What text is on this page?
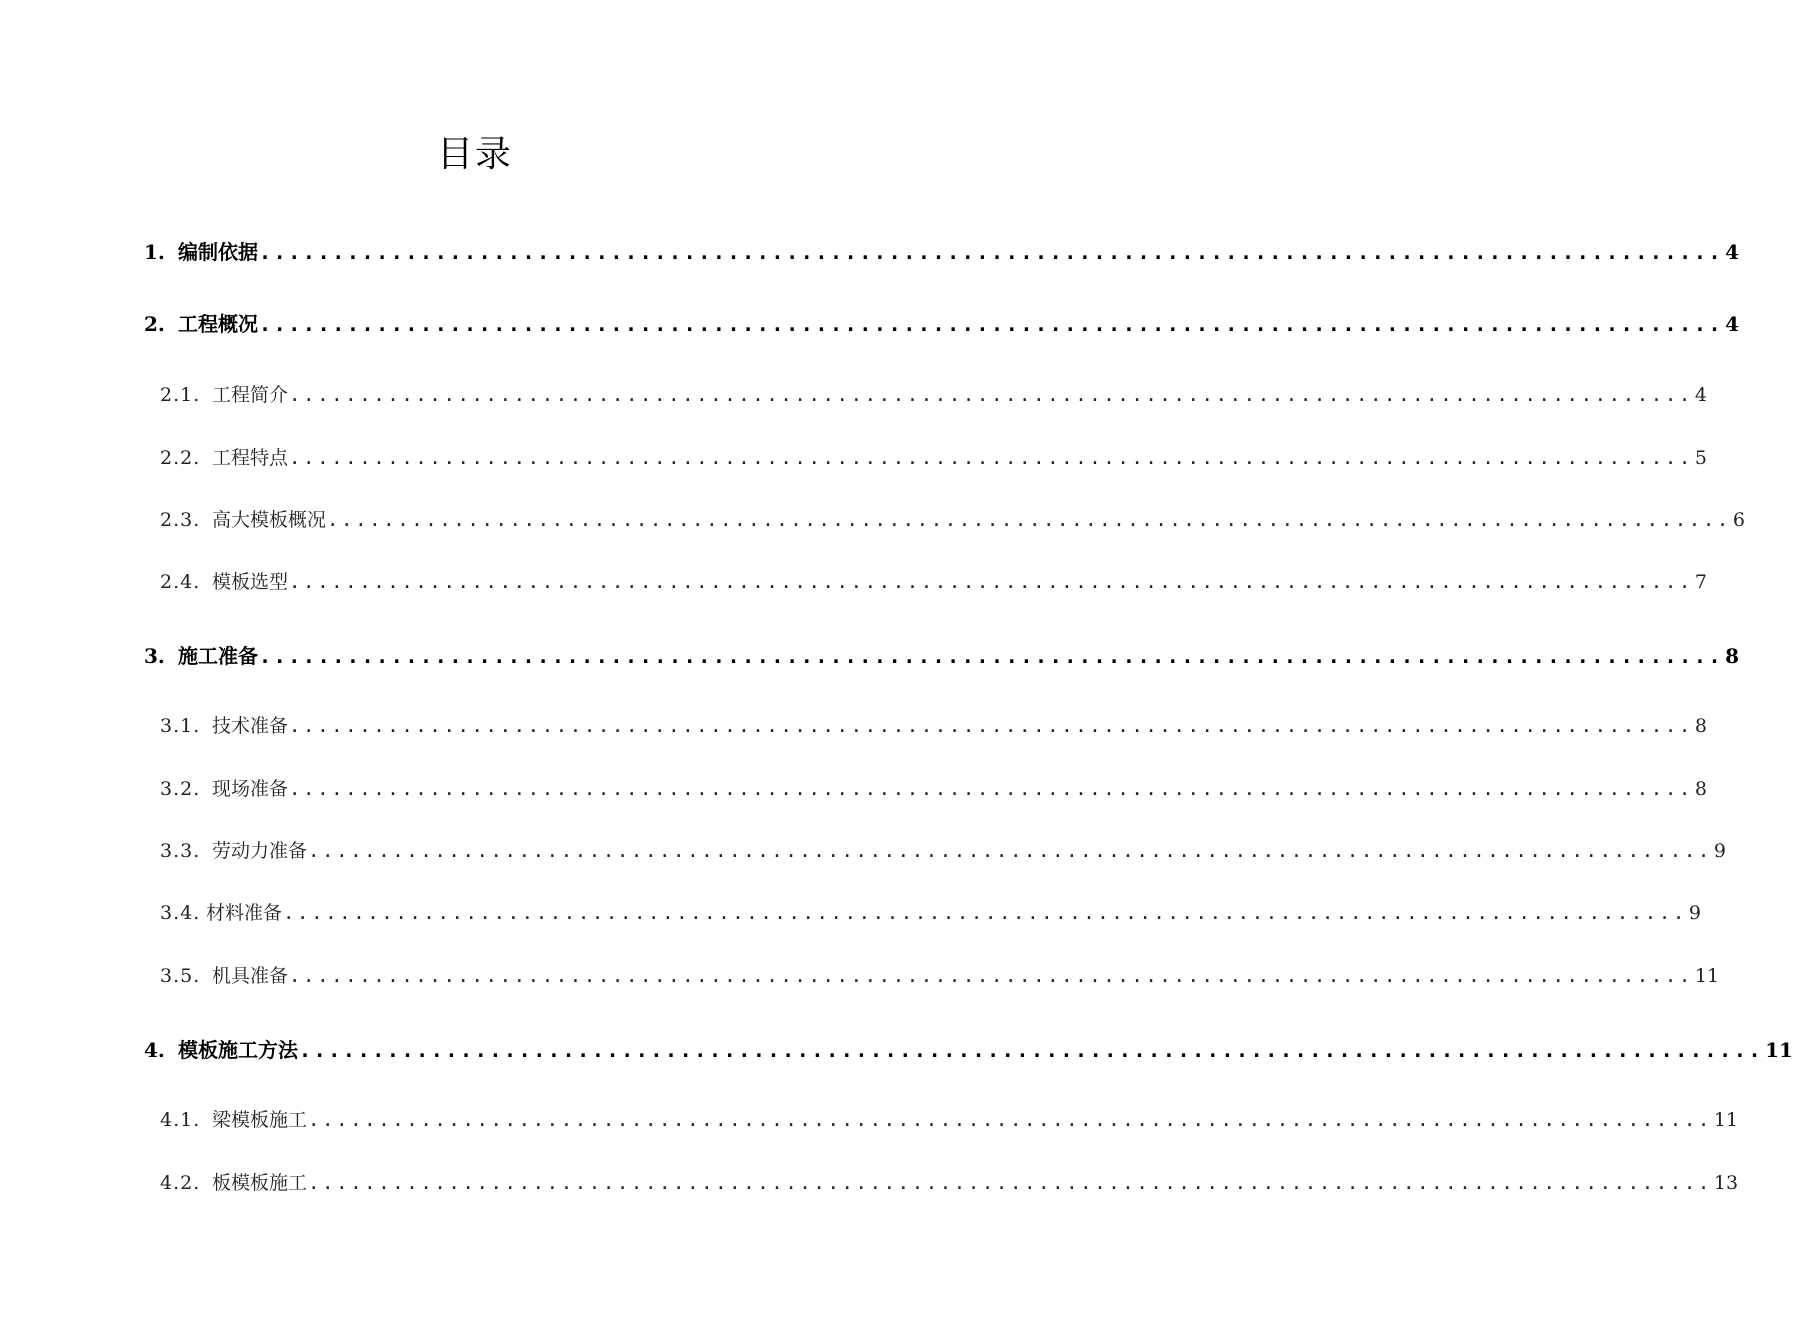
目录
1. 编制依据 .................................................................................................... 4
2. 工程概况 .................................................................................................... 4
2.1. 工程简介 .................................................................................................... 4
2.2. 工程特点 .................................................................................................... 5
2.3. 高大模板概况 .................................................................................................... 6
2.4. 模板选型 .................................................................................................... 7
3. 施工准备 .................................................................................................... 8
3.1. 技术准备 .................................................................................................... 8
3.2. 现场准备 .................................................................................................... 8
3.3. 劳动力准备 .................................................................................................... 9
3.4. 材料准备 .................................................................................................... 9
3.5. 机具准备 .................................................................................................... 11
4. 模板施工方法 .................................................................................................... 11
4.1. 梁模板施工 .................................................................................................... 11
4.2. 板模板施工 .................................................................................................... 13
